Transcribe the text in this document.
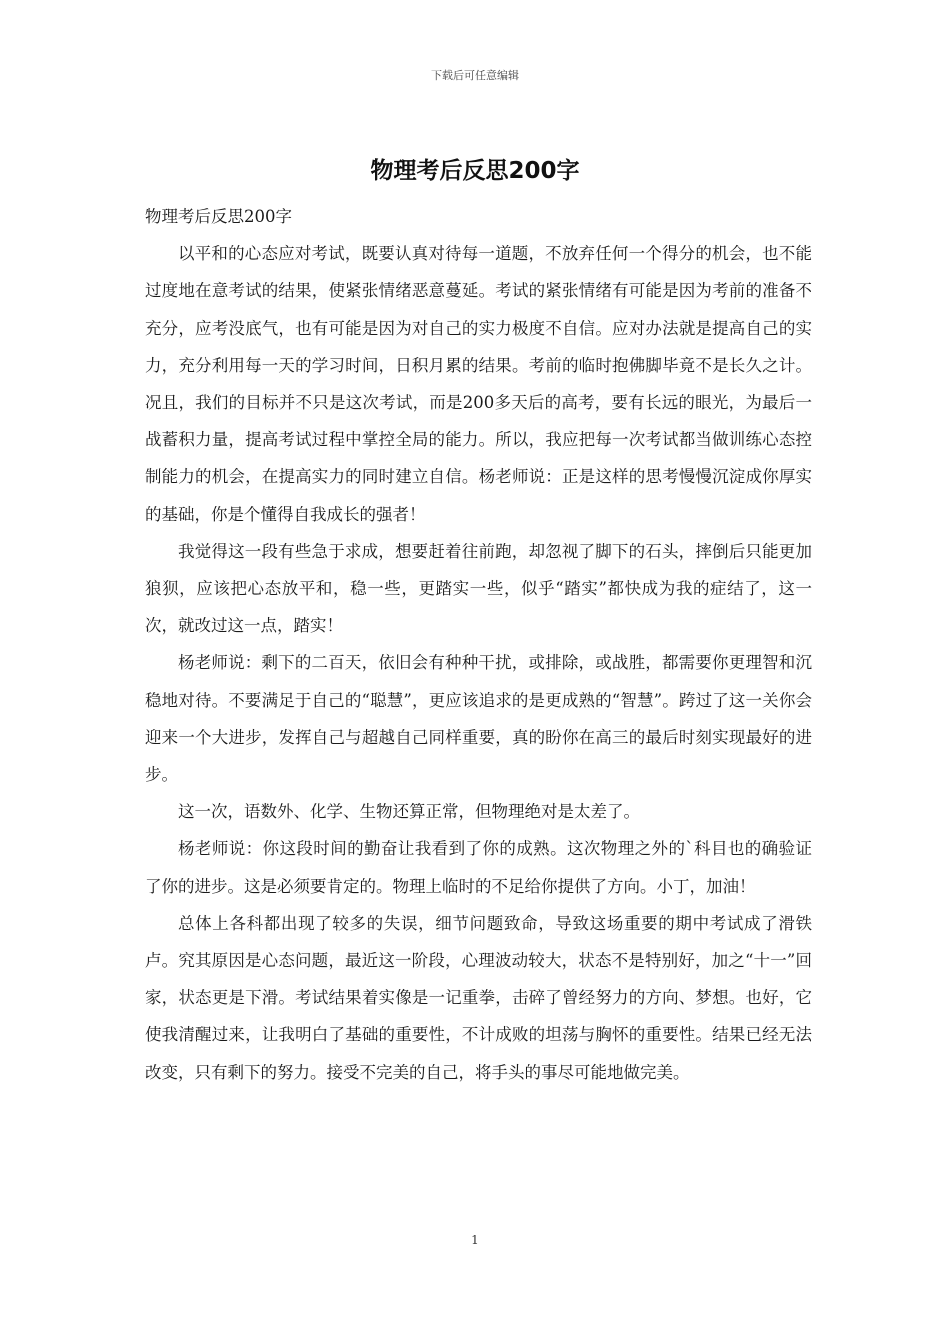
下载后可任意编辑
物理考后反思200字

物理考后反思200字

以平和的心态应对考试，既要认真对待每一道题，不放弃任何一个得分的机会，也不能过度地在意考试的结果，使紧张情绪恶意蔓延。考试的紧张情绪有可能是因为考前的准备不充分，应考没底气，也有可能是因为对自己的实力极度不自信。应对办法就是提高自己的实力，充分利用每一天的学习时间，日积月累的结果。考前的临时抱佛脚毕竟不是长久之计。况且，我们的目标并不只是这次考试，而是200多天后的高考，要有长远的眼光，为最后一战蓄积力量，提高考试过程中掌控全局的能力。所以，我应把每一次考试都当做训练心态控制能力的机会，在提高实力的同时建立自信。杨老师说：正是这样的思考慢慢沉淀成你厚实的基础，你是个懂得自我成长的强者！

我觉得这一段有些急于求成，想要赶着往前跑，却忽视了脚下的石头，摔倒后只能更加狼狈，应该把心态放平和，稳一些，更踏实一些，似乎“踏实”都快成为我的症结了，这一次，就改过这一点，踏实！

杨老师说：剩下的二百天，依旧会有种种干扰，或排除，或战胜，都需要你更理智和沉稳地对待。不要满足于自己的“聪慧”，更应该追求的是更成熟的“智慧”。跨过了这一关你会迎来一个大进步，发挥自己与超越自己同样重要，真的盼你在高三的最后时刻实现最好的进步。

这一次，语数外、化学、生物还算正常，但物理绝对是太差了。

杨老师说：你这段时间的勤奋让我看到了你的成熟。这次物理之外的`科目也的确验证了你的进步。这是必须要肯定的。物理上临时的不足给你提供了方向。小丁，加油！

总体上各科都出现了较多的失误，细节问题致命，导致这场重要的期中考试成了滑铁卢。究其原因是心态问题，最近这一阶段，心理波动较大，状态不是特别好，加之“十一”回家，状态更是下滑。考试结果着实像是一记重拳，击碎了曾经努力的方向、梦想。也好，它使我清醒过来，让我明白了基础的重要性，不计成败的坦荡与胸怀的重要性。结果已经无法改变，只有剩下的努力。接受不完美的自己，将手头的事尽可能地做完美。

1
